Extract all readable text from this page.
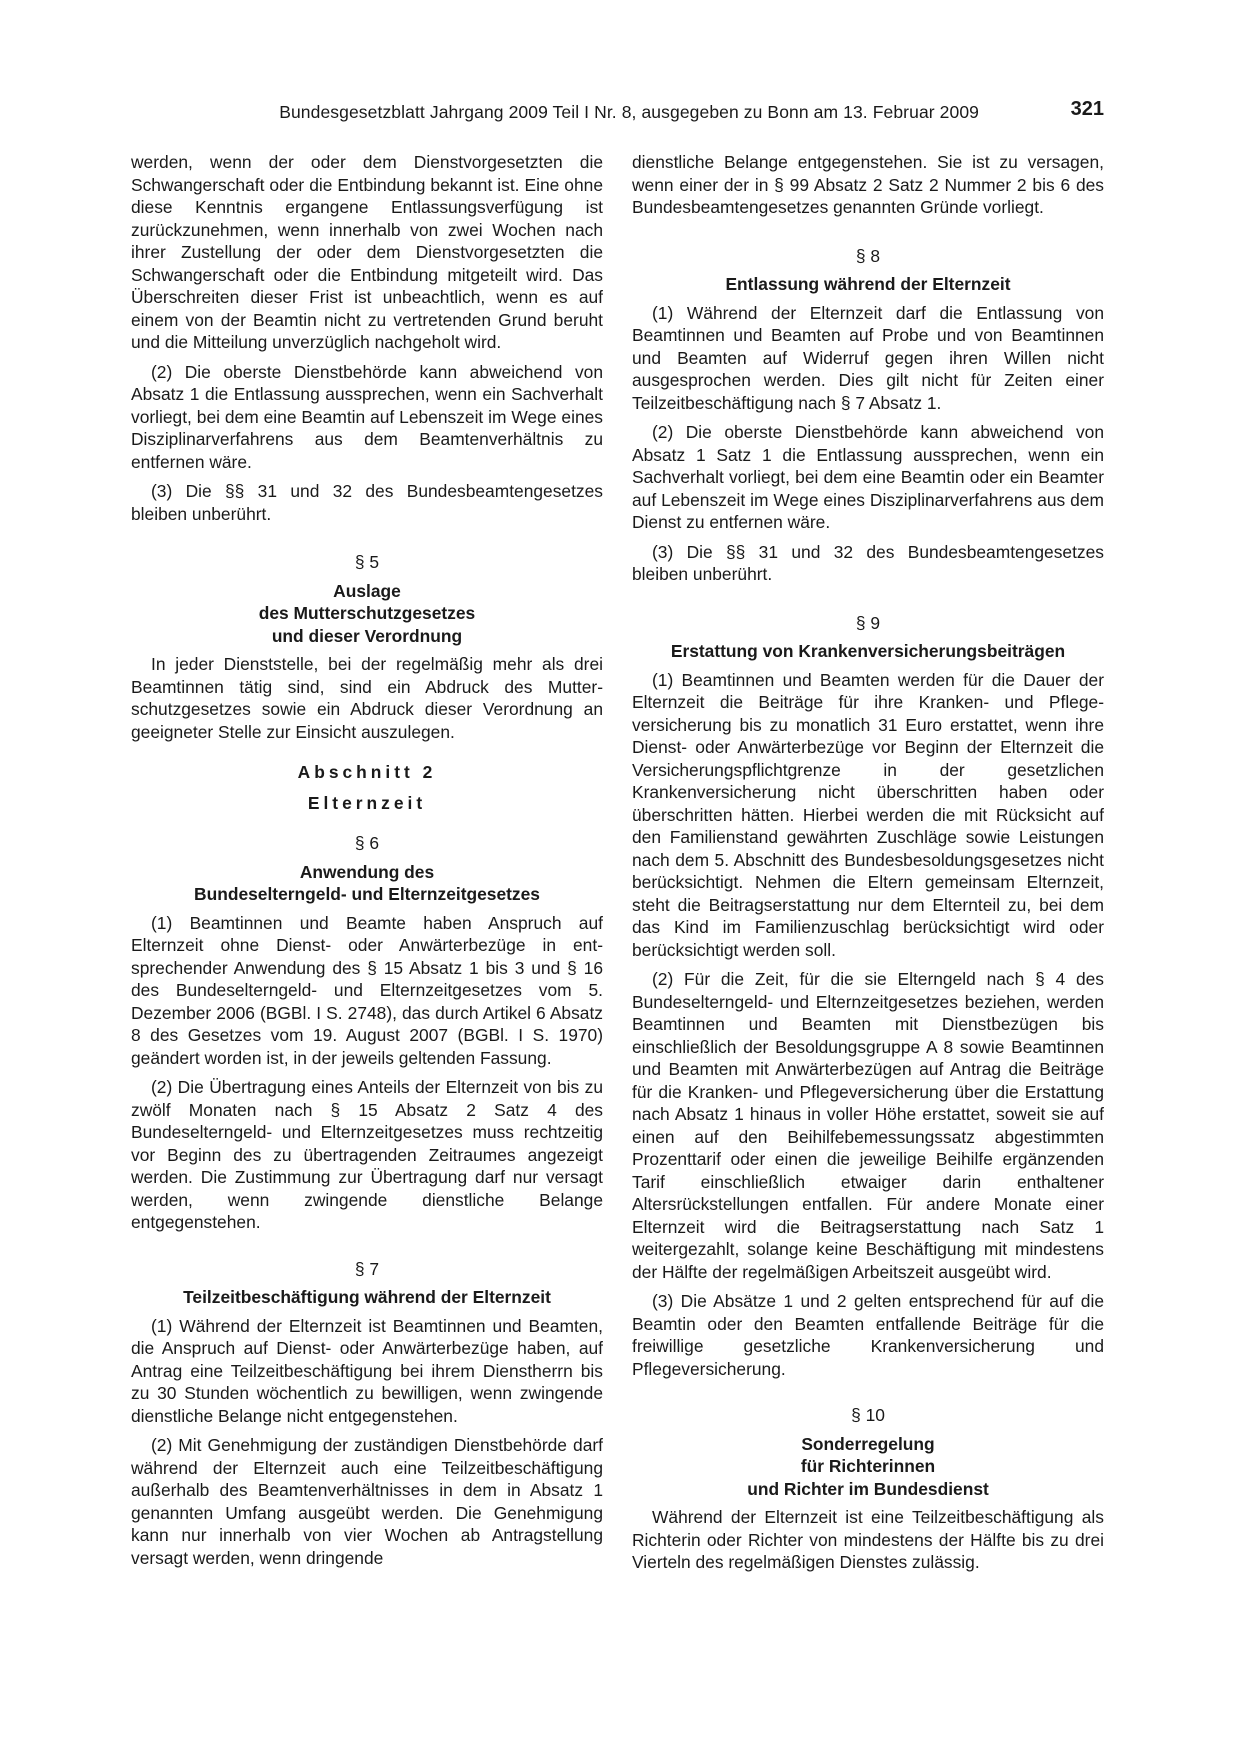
Bundesgesetzblatt Jahrgang 2009 Teil I Nr. 8, ausgegeben zu Bonn am 13. Februar 2009	321

werden, wenn der oder dem Dienstvorgesetzten die Schwangerschaft oder die Entbindung bekannt ist. Eine ohne diese Kenntnis ergangene Entlassungsverfügung ist zurückzunehmen, wenn innerhalb von zwei Wochen nach ihrer Zustellung der oder dem Dienstvorgesetzten die Schwangerschaft oder die Entbindung mitgeteilt wird. Das Überschreiten dieser Frist ist unbeachtlich, wenn es auf einem von der Beamtin nicht zu vertretenden Grund beruht und die Mitteilung unverzüglich nachgeholt wird.

(2) Die oberste Dienstbehörde kann abweichend von Absatz 1 die Entlassung aussprechen, wenn ein Sachverhalt vorliegt, bei dem eine Beamtin auf Lebenszeit im Wege eines Disziplinarverfahrens aus dem Beamtenverhältnis zu entfernen wäre.

(3) Die §§ 31 und 32 des Bundesbeamtengesetzes bleiben unberührt.

§ 5
Auslage
des Mutterschutzgesetzes
und dieser Verordnung

In jeder Dienststelle, bei der regelmäßig mehr als drei Beamtinnen tätig sind, sind ein Abdruck des Mutterschutzgesetzes sowie ein Abdruck dieser Verordnung an geeigneter Stelle zur Einsicht auszulegen.

Abschnitt 2
Elternzeit
§ 6
Anwendung des
Bundeselterngeld- und Elternzeitgesetzes

(1) Beamtinnen und Beamte haben Anspruch auf Elternzeit ohne Dienst- oder Anwärterbezüge in entsprechender Anwendung des § 15 Absatz 1 bis 3 und § 16 des Bundeselterngeld- und Elternzeitgesetzes vom 5. Dezember 2006 (BGBl. I S. 2748), das durch Artikel 6 Absatz 8 des Gesetzes vom 19. August 2007 (BGBl. I S. 1970) geändert worden ist, in der jeweils geltenden Fassung.

(2) Die Übertragung eines Anteils der Elternzeit von bis zu zwölf Monaten nach § 15 Absatz 2 Satz 4 des Bundeselterngeld- und Elternzeitgesetzes muss rechtzeitig vor Beginn des zu übertragenden Zeitraumes angezeigt werden. Die Zustimmung zur Übertragung darf nur versagt werden, wenn zwingende dienstliche Belange entgegenstehen.

§ 7
Teilzeitbeschäftigung während der Elternzeit

(1) Während der Elternzeit ist Beamtinnen und Beamten, die Anspruch auf Dienst- oder Anwärterbezüge haben, auf Antrag eine Teilzeitbeschäftigung bei ihrem Dienstherrn bis zu 30 Stunden wöchentlich zu bewilligen, wenn zwingende dienstliche Belange nicht entgegenstehen.

(2) Mit Genehmigung der zuständigen Dienstbehörde darf während der Elternzeit auch eine Teilzeitbeschäftigung außerhalb des Beamtenverhältnisses in dem in Absatz 1 genannten Umfang ausgeübt werden. Die Genehmigung kann nur innerhalb von vier Wochen ab Antragstellung versagt werden, wenn dringende

dienstliche Belange entgegenstehen. Sie ist zu versagen, wenn einer der in § 99 Absatz 2 Satz 2 Nummer 2 bis 6 des Bundesbeamtengesetzes genannten Gründe vorliegt.

§ 8
Entlassung während der Elternzeit

(1) Während der Elternzeit darf die Entlassung von Beamtinnen und Beamten auf Probe und von Beamtinnen und Beamten auf Widerruf gegen ihren Willen nicht ausgesprochen werden. Dies gilt nicht für Zeiten einer Teilzeitbeschäftigung nach § 7 Absatz 1.

(2) Die oberste Dienstbehörde kann abweichend von Absatz 1 Satz 1 die Entlassung aussprechen, wenn ein Sachverhalt vorliegt, bei dem eine Beamtin oder ein Beamter auf Lebenszeit im Wege eines Disziplinarverfahrens aus dem Dienst zu entfernen wäre.

(3) Die §§ 31 und 32 des Bundesbeamtengesetzes bleiben unberührt.

§ 9
Erstattung von Krankenversicherungsbeiträgen

(1) Beamtinnen und Beamten werden für die Dauer der Elternzeit die Beiträge für ihre Kranken- und Pflegeversicherung bis zu monatlich 31 Euro erstattet, wenn ihre Dienst- oder Anwärterbezüge vor Beginn der Elternzeit die Versicherungspflichtgrenze in der gesetzlichen Krankenversicherung nicht überschritten haben oder überschritten hätten. Hierbei werden die mit Rücksicht auf den Familienstand gewährten Zuschläge sowie Leistungen nach dem 5. Abschnitt des Bundesbesoldungsgesetzes nicht berücksichtigt. Nehmen die Eltern gemeinsam Elternzeit, steht die Beitragserstattung nur dem Elternteil zu, bei dem das Kind im Familienzuschlag berücksichtigt wird oder berücksichtigt werden soll.

(2) Für die Zeit, für die sie Elterngeld nach § 4 des Bundeselterngeld- und Elternzeitgesetzes beziehen, werden Beamtinnen und Beamten mit Dienstbezügen bis einschließlich der Besoldungsgruppe A 8 sowie Beamtinnen und Beamten mit Anwärterbezügen auf Antrag die Beiträge für die Kranken- und Pflegeversicherung über die Erstattung nach Absatz 1 hinaus in voller Höhe erstattet, soweit sie auf einen auf den Beihilfebemessungssatz abgestimmten Prozenttarif oder einen die jeweilige Beihilfe ergänzenden Tarif einschließlich etwaiger darin enthaltener Altersrückstellungen entfallen. Für andere Monate einer Elternzeit wird die Beitragserstattung nach Satz 1 weitergezahlt, solange keine Beschäftigung mit mindestens der Hälfte der regelmäßigen Arbeitszeit ausgeübt wird.

(3) Die Absätze 1 und 2 gelten entsprechend für auf die Beamtin oder den Beamten entfallende Beiträge für die freiwillige gesetzliche Krankenversicherung und Pflegeversicherung.

§ 10
Sonderregelung
für Richterinnen
und Richter im Bundesdienst

Während der Elternzeit ist eine Teilzeitbeschäftigung als Richterin oder Richter von mindestens der Hälfte bis zu drei Vierteln des regelmäßigen Dienstes zulässig.
